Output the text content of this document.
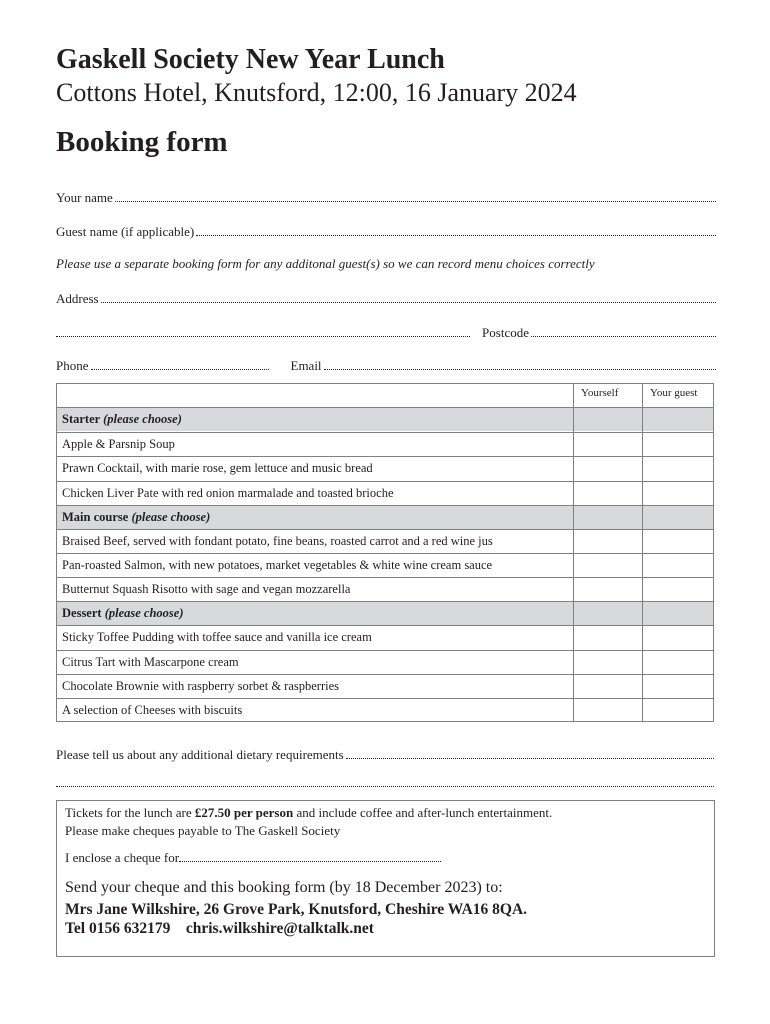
Gaskell Society New Year Lunch
Cottons Hotel, Knutsford, 12:00, 16 January 2024
Booking form
Your name
Guest name (if applicable)
Please use a separate booking form for any additonal guest(s) so we can record menu choices correctly
Address
Postcode
Phone	Email
Yourself	Your guest
Starter (please choose)
Apple & Parsnip Soup
Prawn Cocktail, with marie rose, gem lettuce and music bread
Chicken Liver Pate with red onion marmalade and toasted brioche
Main course (please choose)
Braised Beef, served with fondant potato, fine beans, roasted carrot and a red wine jus
Pan-roasted Salmon, with new potatoes, market vegetables & white wine cream sauce
Butternut Squash Risotto with sage and vegan mozzarella
Dessert (please choose)
Sticky Toffee Pudding with toffee sauce and vanilla ice cream
Citrus Tart with Mascarpone cream
Chocolate Brownie with raspberry sorbet & raspberries
A selection of Cheeses with biscuits
Please tell us about any additional dietary requirements
Tickets for the lunch are £27.50 per person and include coffee and after-lunch entertainment.
Please make cheques payable to The Gaskell Society
I enclose a cheque for
Send your cheque and this booking form (by 18 December 2023) to:
Mrs Jane Wilkshire, 26 Grove Park, Knutsford, Cheshire WA16 8QA.
Tel 0156 632179 chris.wilkshire@talktalk.net
